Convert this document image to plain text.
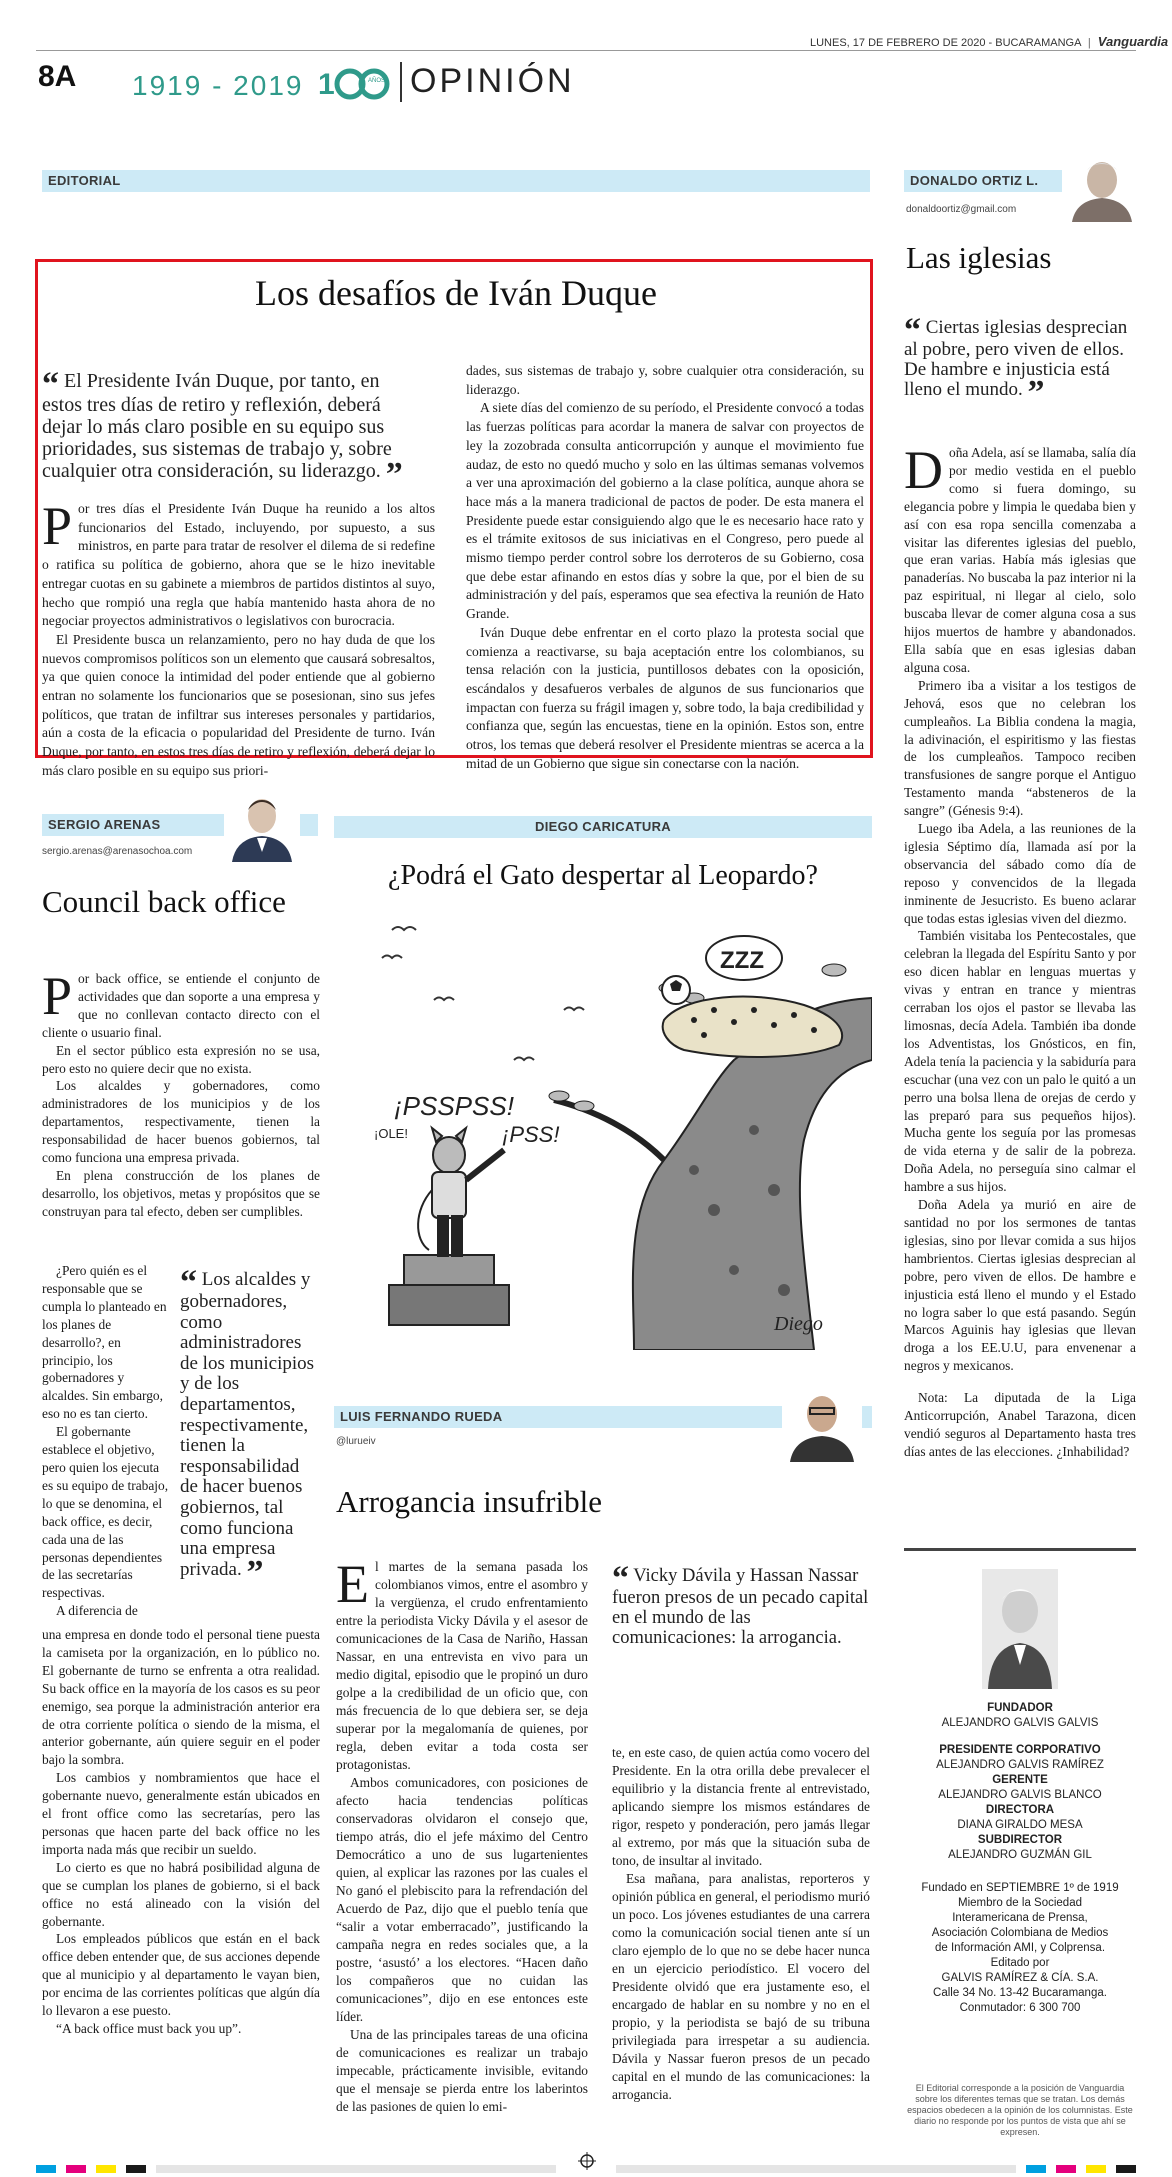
LUNES, 17 DE FEBRERO DE 2020 - BUCARAMANGA | Vanguardia
8A 1919 - 2019 1	AÑOS OPINIÓN
EDITORIAL
Los desafíos de Iván Duque
“ El Presidente Iván Duque, por tanto, en estos tres días de retiro y reflexión, deberá dejar lo más claro posible en su equipo sus prioridades, sus sistemas de trabajo y, sobre cualquier otra consideración, su liderazgo. ”
P or tres días el Presidente Iván Duque ha reunido a los altos funcionarios del Estado, incluyendo, por supuesto, a sus ministros, en parte para tratar de resolver el dilema de si redefine o ratifica su política de gobierno, ahora que se le hizo inevitable entregar cuotas en su gabinete a miembros de partidos distintos al suyo, hecho que rompió una regla que había mantenido hasta ahora de no negociar proyectos administrativos o legislativos con burocracia.

El Presidente busca un relanzamiento, pero no hay duda de que los nuevos compromisos políticos son un elemento que causará sobresaltos, ya que quien conoce la intimidad del poder entiende que al gobierno entran no solamente los funcionarios que se posesionan, sino sus jefes políticos, que tratan de infiltrar sus intereses personales y partidarios, aún a costa de la eficacia o popularidad del Presidente de turno. Iván Duque, por tanto, en estos tres días de retiro y reflexión, deberá dejar lo más claro posible en su equipo sus priori-

dades, sus sistemas de trabajo y, sobre cualquier otra consideración, su liderazgo.

A siete días del comienzo de su período, el Presidente convocó a todas las fuerzas políticas para acordar la manera de salvar con proyectos de ley la zozobrada consulta anticorrupción y aunque el movimiento fue audaz, de esto no quedó mucho y solo en las últimas semanas volvemos a ver una aproximación del gobierno a la clase política, aunque ahora se hace más a la manera tradicional de pactos de poder. De esta manera el Presidente puede estar consiguiendo algo que le es necesario hace rato y es el trámite exitosos de sus iniciativas en el Congreso, pero puede al mismo tiempo perder control sobre los derroteros de su Gobierno, cosa que debe estar afinando en estos días y sobre la que, por el bien de su administración y del país, esperamos que sea efectiva la reunión de Hato Grande.

Iván Duque debe enfrentar en el corto plazo la protesta social que comienza a reactivarse, su baja aceptación entre los colombianos, su tensa relación con la justicia, puntillosos debates con la oposición, escándalos y desafueros verbales de algunos de sus funcionarios que impactan con fuerza su frágil imagen y, sobre todo, la baja credibilidad y confianza que, según las encuestas, tiene en la opinión. Estos son, entre otros, los temas que deberá resolver el Presidente mientras se acerca a la mitad de un Gobierno que sigue sin conectarse con la nación.

DONALDO ORTIZ L.
donaldoortiz@gmail.com
Las iglesias
“ Ciertas iglesias desprecian al pobre, pero viven de ellos. De hambre e injusticia está lleno el mundo. ”
D oña Adela, así se llamaba, salía día por medio vestida en el pueblo como si fuera domingo, su elegancia pobre y limpia le quedaba bien y así con esa ropa sencilla comenzaba a visitar las diferentes iglesias del pueblo, que eran varias. Había más iglesias que panaderías. No buscaba la paz interior ni la paz espiritual, ni llegar al cielo, solo buscaba llevar de comer alguna cosa a sus hijos muertos de hambre y abandonados. Ella sabía que en esas iglesias daban alguna cosa.

Primero iba a visitar a los testigos de Jehová, esos que no celebran los cumpleaños. La Biblia condena la magia, la adivinación, el espiritismo y las fiestas de los cumpleaños. Tampoco reciben transfusiones de sangre porque el Antiguo Testamento manda “absteneros de la sangre” (Génesis 9:4).

Luego iba Adela, a las reuniones de la iglesia Séptimo día, llamada así por la observancia del sábado como día de reposo y convencidos de la llegada inminente de Jesucristo. Es bueno aclarar que todas estas iglesias viven del diezmo.

También visitaba los Pentecostales, que celebran la llegada del Espíritu Santo y por eso dicen hablar en lenguas muertas y vivas y entran en trance y mientras cerraban los ojos el pastor se llevaba las limosnas, decía Adela. También iba donde los Adventistas, los Gnósticos, en fin, Adela tenía la paciencia y la sabiduría para escuchar (una vez con un palo le quitó a un perro una bolsa llena de orejas de cerdo y las preparó para sus pequeños hijos). Mucha gente los seguía por las promesas de vida eterna y de salir de la pobreza. Doña Adela, no perseguía sino calmar el hambre a sus hijos.

Doña Adela ya murió en aire de santidad no por los sermones de tantas iglesias, sino por llevar comida a sus hijos hambrientos. Ciertas iglesias desprecian al pobre, pero viven de ellos. De hambre e injusticia está lleno el mundo y el Estado no logra saber lo que está pasando. Según Marcos Aguinis hay iglesias que llevan droga a los EE.U.U, para envenenar a negros y mexicanos.

Nota: La diputada de la Liga Anticorrupción, Anabel Tarazona, dicen vendió seguros al Departamento hasta tres días antes de las elecciones. ¿Inhabilidad?

FUNDADOR
ALEJANDRO GALVIS GALVIS
PRESIDENTE CORPORATIVO
ALEJANDRO GALVIS RAMÍREZ
GERENTE
ALEJANDRO GALVIS BLANCO
DIRECTORA
DIANA GIRALDO MESA
SUBDIRECTOR
ALEJANDRO GUZMÁN GIL
Fundado en SEPTIEMBRE 1º de 1919
Miembro de la Sociedad
Interamericana de Prensa,
Asociación Colombiana de Medios
de Información AMI, y Colprensa.
Editado por
GALVIS RAMÍREZ & CÍA. S.A.
Calle 34 No. 13-42 Bucaramanga.
Conmutador: 6 300 700
El Editorial corresponde a la posición de Vanguardia sobre los diferentes temas que se tratan. Los demás espacios obedecen a la opinión de los columnistas. Este diario no responde por los puntos de vista que ahí se expresen.
SERGIO ARENAS
sergio.arenas@arenasochoa.com
Council back office
P or back office, se entiende el conjunto de actividades que dan soporte a una empresa y que no conllevan contacto directo con el cliente o usuario final.

En el sector público esta expresión no se usa, pero esto no quiere decir que no exista.

Los alcaldes y gobernadores, como administradores de los municipios y de los departamentos, respectivamente, tienen la responsabilidad de hacer buenos gobiernos, tal como funciona una empresa privada.

En plena construcción de los planes de desarrollo, los objetivos, metas y propósitos que se construyan para tal efecto, deben ser cumplibles.

¿Pero quién es el responsable que se cumpla lo planteado en los planes de desarrollo?, en principio, los gobernadores y alcaldes. Sin embargo, eso no es tan cierto.

El gobernante establece el objetivo, pero quien los ejecuta es su equipo de trabajo, lo que se denomina, el back office, es decir, cada una de las personas dependientes de las secretarías respectivas.

A diferencia de

“ Los alcaldes y gobernadores, como administradores de los municipios y de los departamentos, respectivamente, tienen la responsabilidad de hacer buenos gobiernos, tal como funciona una empresa privada. ”

una empresa en donde todo el personal tiene puesta la camiseta por la organización, en lo público no. El gobernante de turno se enfrenta a otra realidad. Su back office en la mayoría de los casos es su peor enemigo, sea porque la administración anterior era de otra corriente política o siendo de la misma, el anterior gobernante, aún quiere seguir en el poder bajo la sombra.

Los cambios y nombramientos que hace el gobernante nuevo, generalmente están ubicados en el front office como las secretarías, pero las personas que hacen parte del back office no les importa nada más que recibir un sueldo.

Lo cierto es que no habrá posibilidad alguna de que se cumplan los planes de gobierno, si el back office no está alineado con la visión del gobernante.

Los empleados públicos que están en el back office deben entender que, de sus acciones depende que al municipio y al departamento le vayan bien, por encima de las corrientes políticas que algún día lo llevaron a ese puesto.

“A back office must back you up”.

DIEGO CARICATURA
¿Podrá el Gato despertar al Leopardo?
ZZZ
¡PSSPSS!
¡PSS!
¡OLE!
Diego
LUIS FERNANDO RUEDA
@lurueiv
Arrogancia insufrible
E l martes de la semana pasada los colombianos vimos, entre el asombro y la vergüenza, el crudo enfrentamiento entre la periodista Vicky Dávila y el asesor de comunicaciones de la Casa de Nariño, Hassan Nassar, en una entrevista en vivo para un medio digital, episodio que le propinó un duro golpe a la credibilidad de un oficio que, con más frecuencia de lo que debiera ser, se deja superar por la megalomanía de quienes, por regla, deben evitar a toda costa ser protagonistas.

Ambos comunicadores, con posiciones de afecto hacia tendencias políticas conservadoras olvidaron el consejo que, tiempo atrás, dio el jefe máximo del Centro Democrático a uno de sus lugartenientes quien, al explicar las razones por las cuales el No ganó el plebiscito para la refrendación del Acuerdo de Paz, dijo que el pueblo tenía que “salir a votar emberracado”, justificando la campaña negra en redes sociales que, a la postre, ‘asustó’ a los electores. “Hacen daño los compañeros que no cuidan las comunicaciones”, dijo en ese entonces este líder.

Una de las principales tareas de una oficina de comunicaciones es realizar un trabajo impecable, prácticamente invisible, evitando que el mensaje se pierda entre los laberintos de las pasiones de quien lo emi-

“ Vicky Dávila y Hassan Nassar fueron presos de un pecado capital en el mundo de las comunicaciones: la arrogancia.

te, en este caso, de quien actúa como vocero del Presidente. En la otra orilla debe prevalecer el equilibrio y la distancia frente al entrevistado, aplicando siempre los mismos estándares de rigor, respeto y ponderación, pero jamás llegar al extremo, por más que la situación suba de tono, de insultar al invitado.

Esa mañana, para analistas, reporteros y opinión pública en general, el periodismo murió un poco. Los jóvenes estudiantes de una carrera como la comunicación social tienen ante sí un claro ejemplo de lo que no se debe hacer nunca en un ejercicio periodístico. El vocero del Presidente olvidó que era justamente eso, el encargado de hablar en su nombre y no en el propio, y la periodista se bajó de su tribuna privilegiada para irrespetar a su audiencia. Dávila y Nassar fueron presos de un pecado capital en el mundo de las comunicaciones: la arrogancia.
